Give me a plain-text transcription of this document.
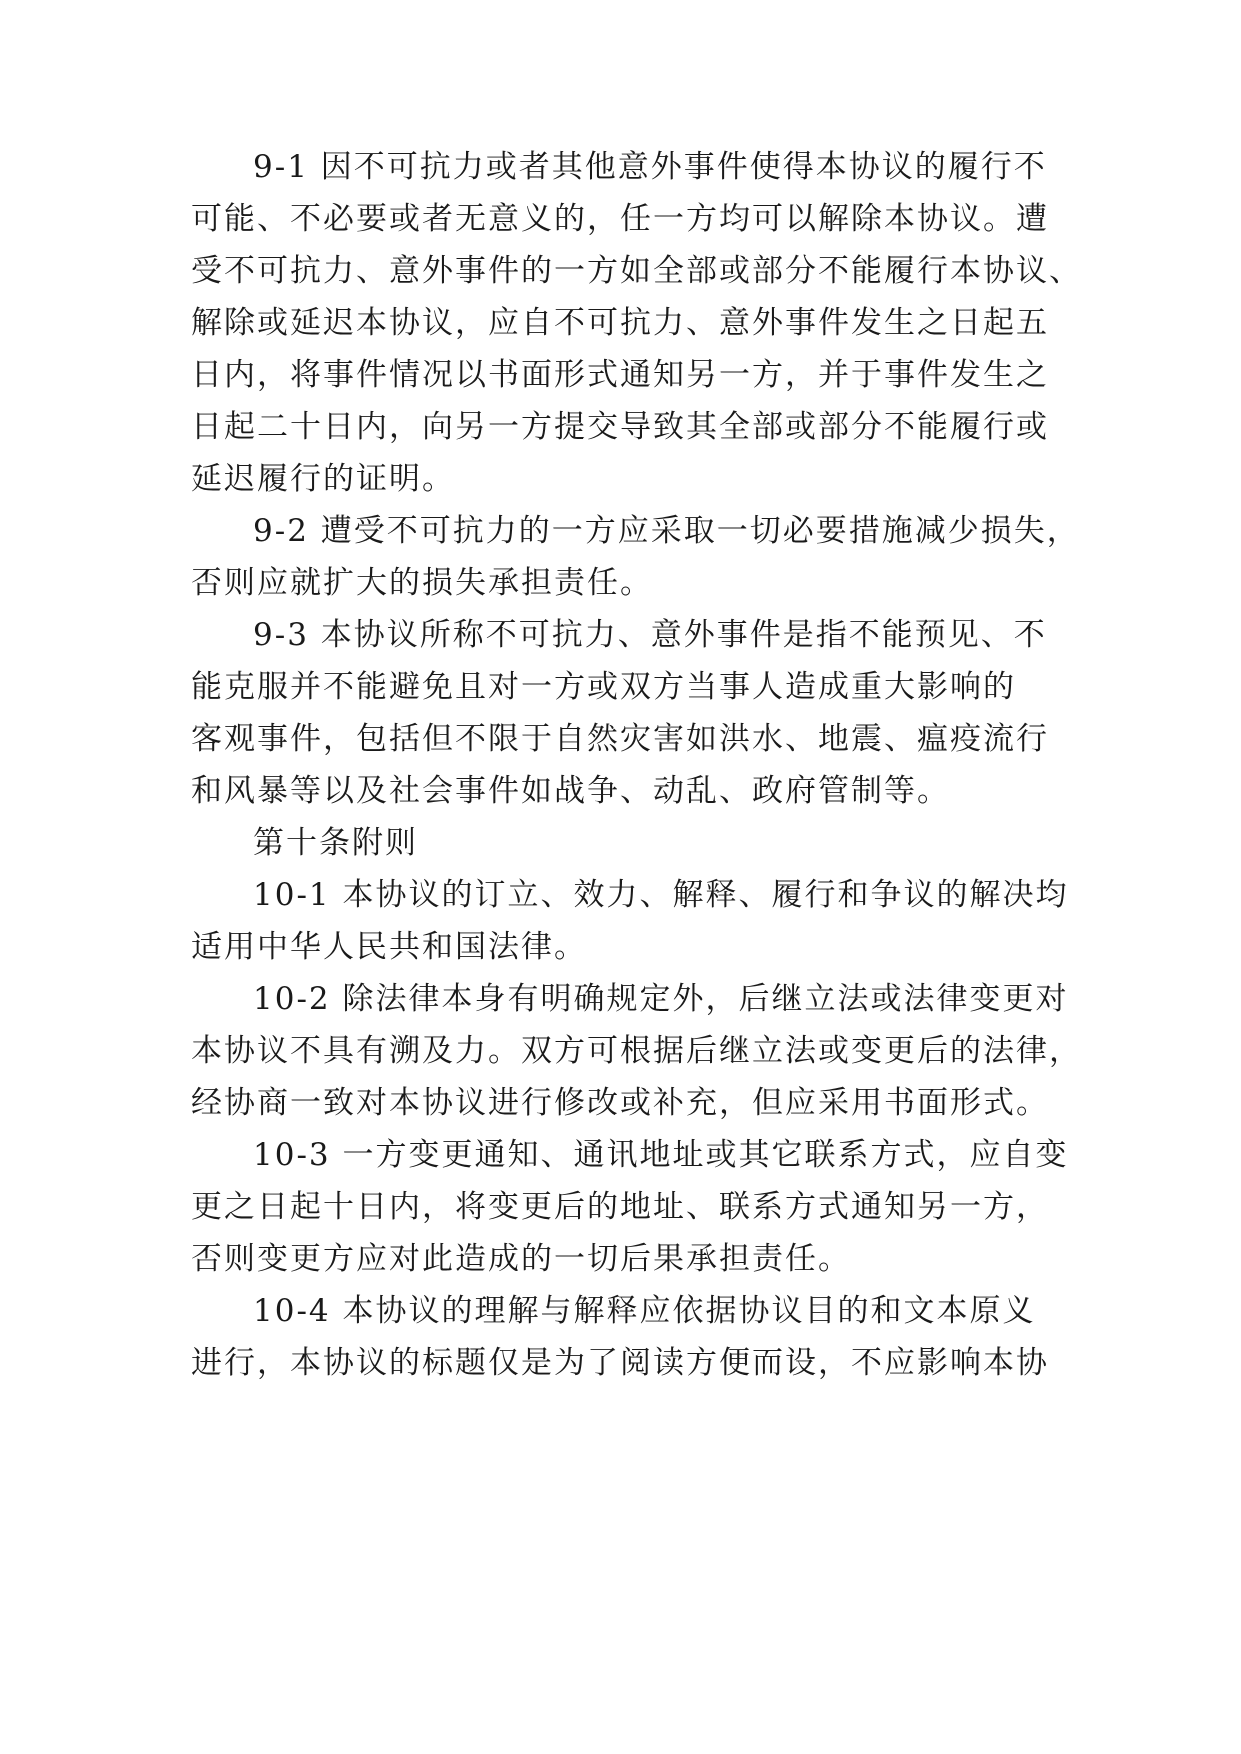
9-1 因不可抗力或者其他意外事件使得本协议的履行不

可能、不必要或者无意义的，任一方均可以解除本协议。遭

受不可抗力、意外事件的一方如全部或部分不能履行本协议、

解除或延迟本协议，应自不可抗力、意外事件发生之日起五

日内，将事件情况以书面形式通知另一方，并于事件发生之

日起二十日内，向另一方提交导致其全部或部分不能履行或

延迟履行的证明。

9-2 遭受不可抗力的一方应采取一切必要措施减少损失，

否则应就扩大的损失承担责任。

9-3 本协议所称不可抗力、意外事件是指不能预见、不

能克服并不能避免且对一方或双方当事人造成重大影响的

客观事件，包括但不限于自然灾害如洪水、地震、瘟疫流行

和风暴等以及社会事件如战争、动乱、政府管制等。

第十条附则

10-1 本协议的订立、效力、解释、履行和争议的解决均

适用中华人民共和国法律。

10-2 除法律本身有明确规定外，后继立法或法律变更对

本协议不具有溯及力。双方可根据后继立法或变更后的法律，

经协商一致对本协议进行修改或补充，但应采用书面形式。

10-3 一方变更通知、通讯地址或其它联系方式，应自变

更之日起十日内，将变更后的地址、联系方式通知另一方，

否则变更方应对此造成的一切后果承担责任。

10-4 本协议的理解与解释应依据协议目的和文本原义

进行，本协议的标题仅是为了阅读方便而设，不应影响本协
